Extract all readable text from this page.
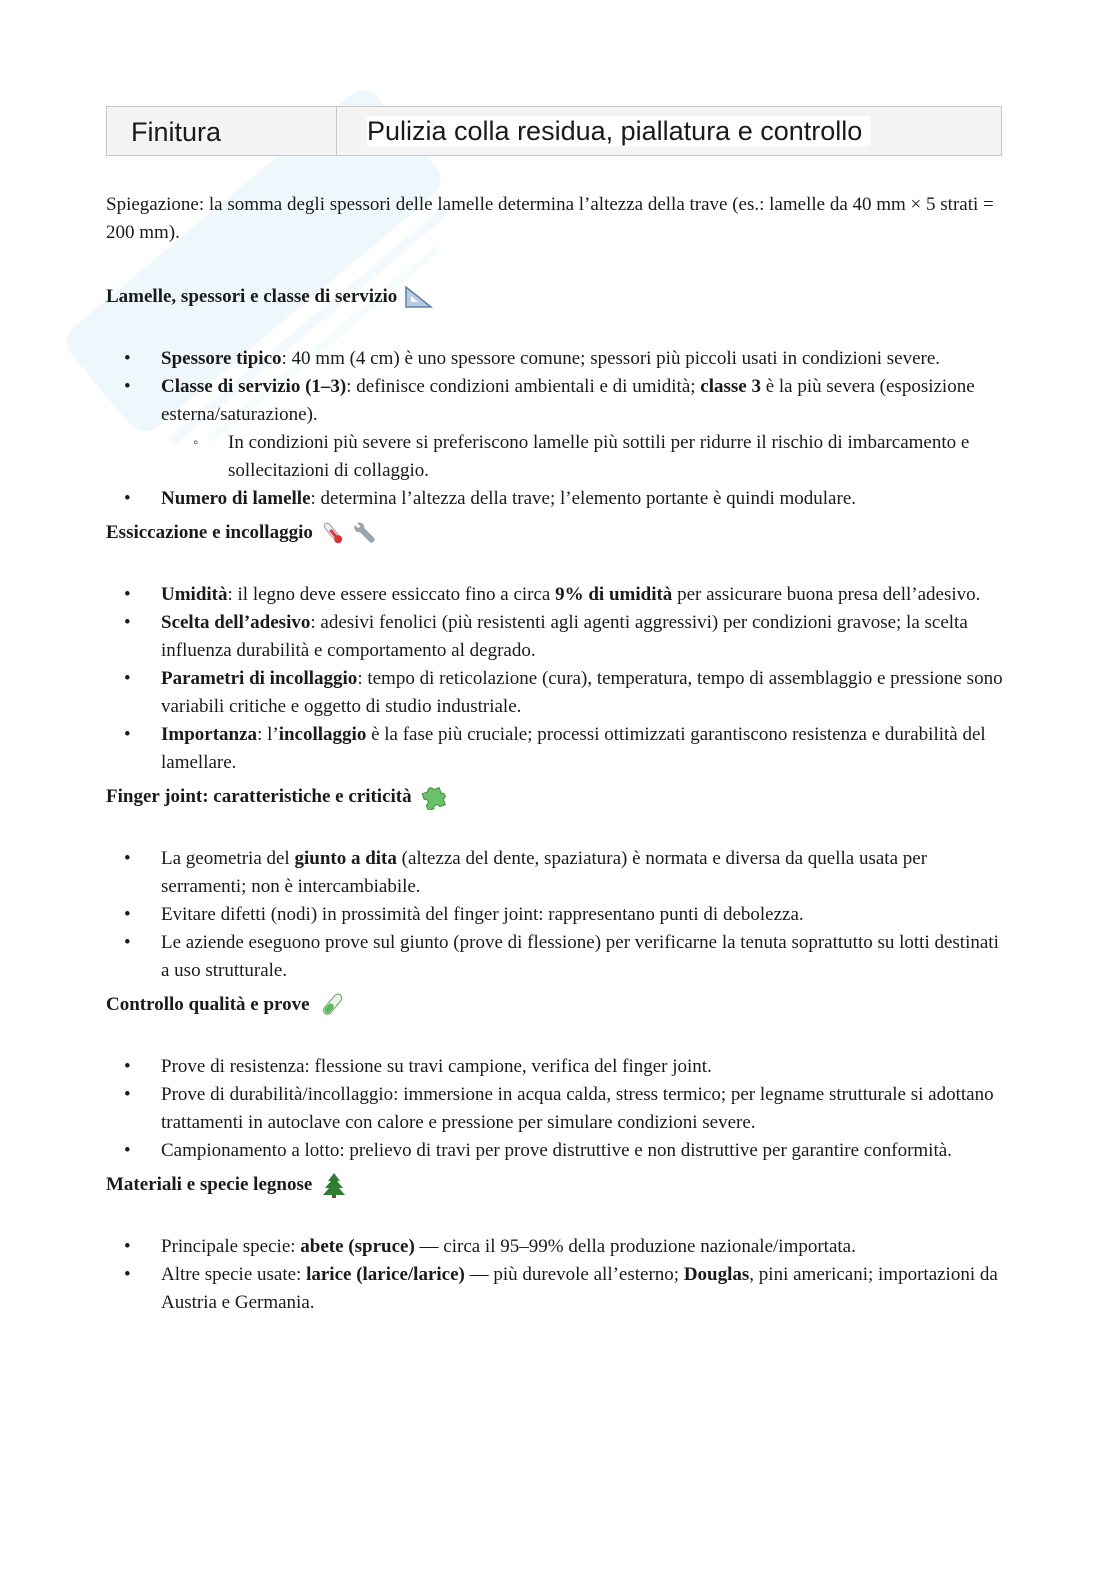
Finitura	Pulizia colla residua, piallatura e controllo

Spiegazione: la somma degli spessori delle lamelle determina l’altezza della trave (es.: lamelle da 40 mm × 5 strati = 200 mm).

Lamelle, spessori e classe di servizio
• Spessore tipico: 40 mm (4 cm) è uno spessore comune; spessori più piccoli usati in condizioni severe.
• Classe di servizio (1–3): definisce condizioni ambientali e di umidità; classe 3 è la più severa (esposizione esterna/saturazione).
◦ In condizioni più severe si preferiscono lamelle più sottili per ridurre il rischio di imbarcamento e sollecitazioni di collaggio.
• Numero di lamelle: determina l’altezza della trave; l’elemento portante è quindi modulare.
Essiccazione e incollaggio
• Umidità: il legno deve essere essiccato fino a circa 9% di umidità per assicurare buona presa dell’adesivo.
• Scelta dell’adesivo: adesivi fenolici (più resistenti agli agenti aggressivi) per condizioni gravose; la scelta influenza durabilità e comportamento al degrado.
• Parametri di incollaggio: tempo di reticolazione (cura), temperatura, tempo di assemblaggio e pressione sono variabili critiche e oggetto di studio industriale.
• Importanza: l’incollaggio è la fase più cruciale; processi ottimizzati garantiscono resistenza e durabilità del lamellare.
Finger joint: caratteristiche e criticità
• La geometria del giunto a dita (altezza del dente, spaziatura) è normata e diversa da quella usata per serramenti; non è intercambiabile.
• Evitare difetti (nodi) in prossimità del finger joint: rappresentano punti di debolezza.
• Le aziende eseguono prove sul giunto (prove di flessione) per verificarne la tenuta soprattutto su lotti destinati a uso strutturale.
Controllo qualità e prove
• Prove di resistenza: flessione su travi campione, verifica del finger joint.
• Prove di durabilità/incollaggio: immersione in acqua calda, stress termico; per legname strutturale si adottano trattamenti in autoclave con calore e pressione per simulare condizioni severe.
• Campionamento a lotto: prelievo di travi per prove distruttive e non distruttive per garantire conformità.
Materiali e specie legnose
• Principale specie: abete (spruce) — circa il 95–99% della produzione nazionale/importata.
• Altre specie usate: larice (larice/larice) — più durevole all’esterno; Douglas, pini americani; importazioni da Austria e Germania.
